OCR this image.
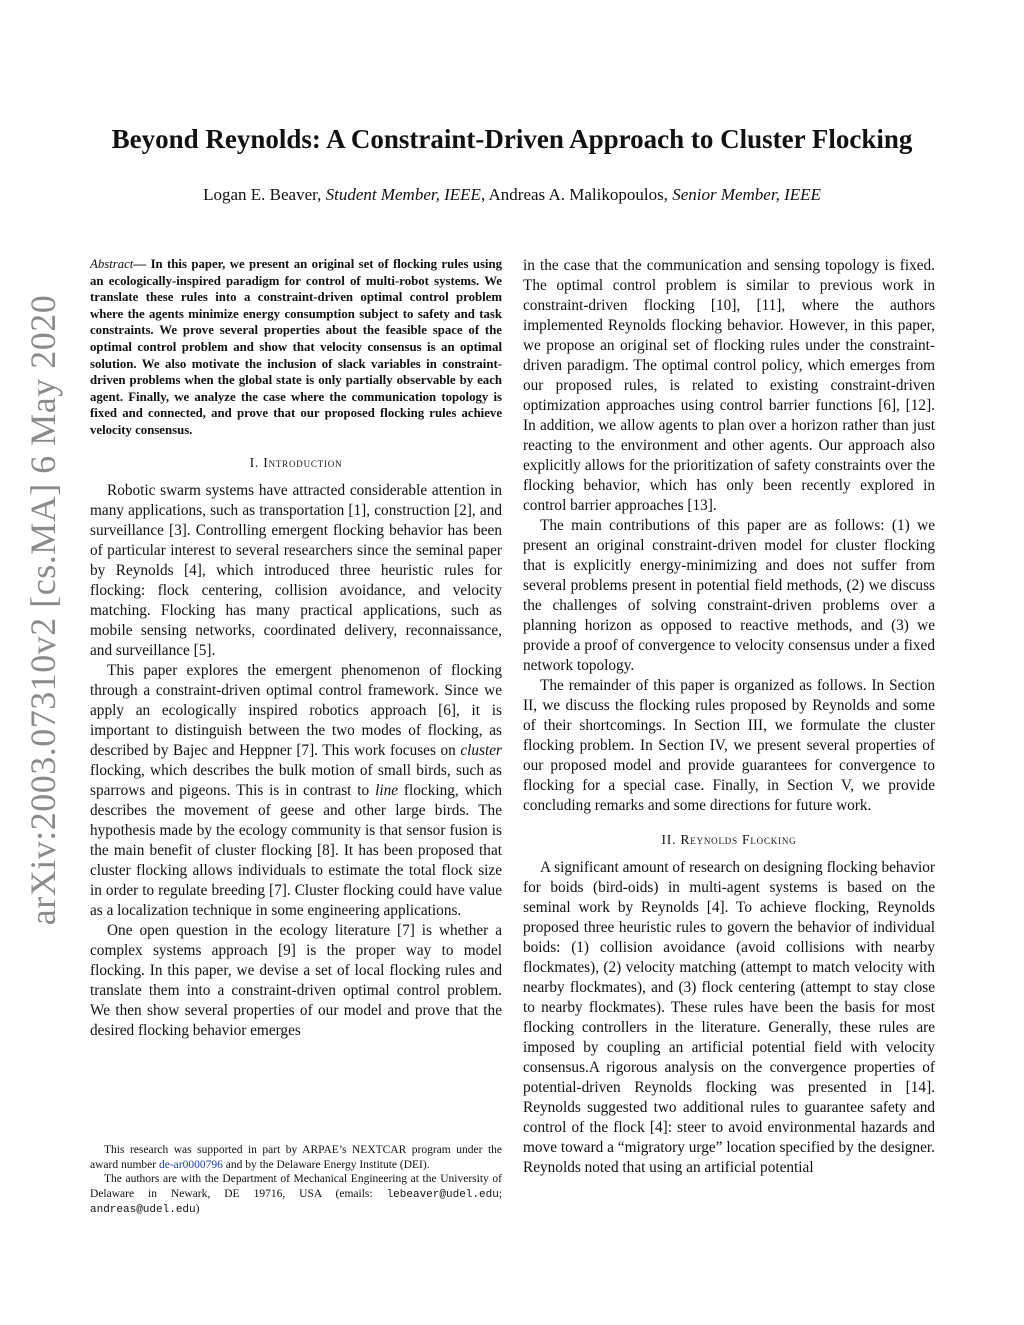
arXiv:2003.07310v2 [cs.MA] 6 May 2020
Beyond Reynolds: A Constraint-Driven Approach to Cluster Flocking
Logan E. Beaver, Student Member, IEEE, Andreas A. Malikopoulos, Senior Member, IEEE
Abstract— In this paper, we present an original set of flocking rules using an ecologically-inspired paradigm for control of multi-robot systems. We translate these rules into a constraint-driven optimal control problem where the agents minimize energy consumption subject to safety and task constraints. We prove several properties about the feasible space of the optimal control problem and show that velocity consensus is an optimal solution. We also motivate the inclusion of slack variables in constraint-driven problems when the global state is only partially observable by each agent. Finally, we analyze the case where the communication topology is fixed and connected, and prove that our proposed flocking rules achieve velocity consensus.
I. Introduction

Robotic swarm systems have attracted considerable attention in many applications, such as transportation [1], construction [2], and surveillance [3]. Controlling emergent flocking behavior has been of particular interest to several researchers since the seminal paper by Reynolds [4], which introduced three heuristic rules for flocking: flock centering, collision avoidance, and velocity matching. Flocking has many practical applications, such as mobile sensing networks, coordinated delivery, reconnaissance, and surveillance [5].

This paper explores the emergent phenomenon of flocking through a constraint-driven optimal control framework. Since we apply an ecologically inspired robotics approach [6], it is important to distinguish between the two modes of flocking, as described by Bajec and Heppner [7]. This work focuses on cluster flocking, which describes the bulk motion of small birds, such as sparrows and pigeons. This is in contrast to line flocking, which describes the movement of geese and other large birds. The hypothesis made by the ecology community is that sensor fusion is the main benefit of cluster flocking [8]. It has been proposed that cluster flocking allows individuals to estimate the total flock size in order to regulate breeding [7]. Cluster flocking could have value as a localization technique in some engineering applications.

One open question in the ecology literature [7] is whether a complex systems approach [9] is the proper way to model flocking. In this paper, we devise a set of local flocking rules and translate them into a constraint-driven optimal control problem. We then show several properties of our model and prove that the desired flocking behavior emerges

This research was supported in part by ARPAE’s NEXTCAR program under the award number de-ar0000796 and by the Delaware Energy Institute (DEI).

The authors are with the Department of Mechanical Engineering at the University of Delaware in Newark, DE 19716, USA (emails: lebeaver@udel.edu; andreas@udel.edu)

in the case that the communication and sensing topology is fixed. The optimal control problem is similar to previous work in constraint-driven flocking [10], [11], where the authors implemented Reynolds flocking behavior. However, in this paper, we propose an original set of flocking rules under the constraint-driven paradigm. The optimal control policy, which emerges from our proposed rules, is related to existing constraint-driven optimization approaches using control barrier functions [6], [12]. In addition, we allow agents to plan over a horizon rather than just reacting to the environment and other agents. Our approach also explicitly allows for the prioritization of safety constraints over the flocking behavior, which has only been recently explored in control barrier approaches [13].

The main contributions of this paper are as follows: (1) we present an original constraint-driven model for cluster flocking that is explicitly energy-minimizing and does not suffer from several problems present in potential field methods, (2) we discuss the challenges of solving constraint-driven problems over a planning horizon as opposed to reactive methods, and (3) we provide a proof of convergence to velocity consensus under a fixed network topology.

The remainder of this paper is organized as follows. In Section II, we discuss the flocking rules proposed by Reynolds and some of their shortcomings. In Section III, we formulate the cluster flocking problem. In Section IV, we present several properties of our proposed model and provide guarantees for convergence to flocking for a special case. Finally, in Section V, we provide concluding remarks and some directions for future work.

II. Reynolds Flocking

A significant amount of research on designing flocking behavior for boids (bird-oids) in multi-agent systems is based on the seminal work by Reynolds [4]. To achieve flocking, Reynolds proposed three heuristic rules to govern the behavior of individual boids: (1) collision avoidance (avoid collisions with nearby flockmates), (2) velocity matching (attempt to match velocity with nearby flockmates), and (3) flock centering (attempt to stay close to nearby flockmates). These rules have been the basis for most flocking controllers in the literature. Generally, these rules are imposed by coupling an artificial potential field with velocity consensus.A rigorous analysis on the convergence properties of potential-driven Reynolds flocking was presented in [14]. Reynolds suggested two additional rules to guarantee safety and control of the flock [4]: steer to avoid environmental hazards and move toward a “migratory urge” location specified by the designer. Reynolds noted that using an artificial potential
